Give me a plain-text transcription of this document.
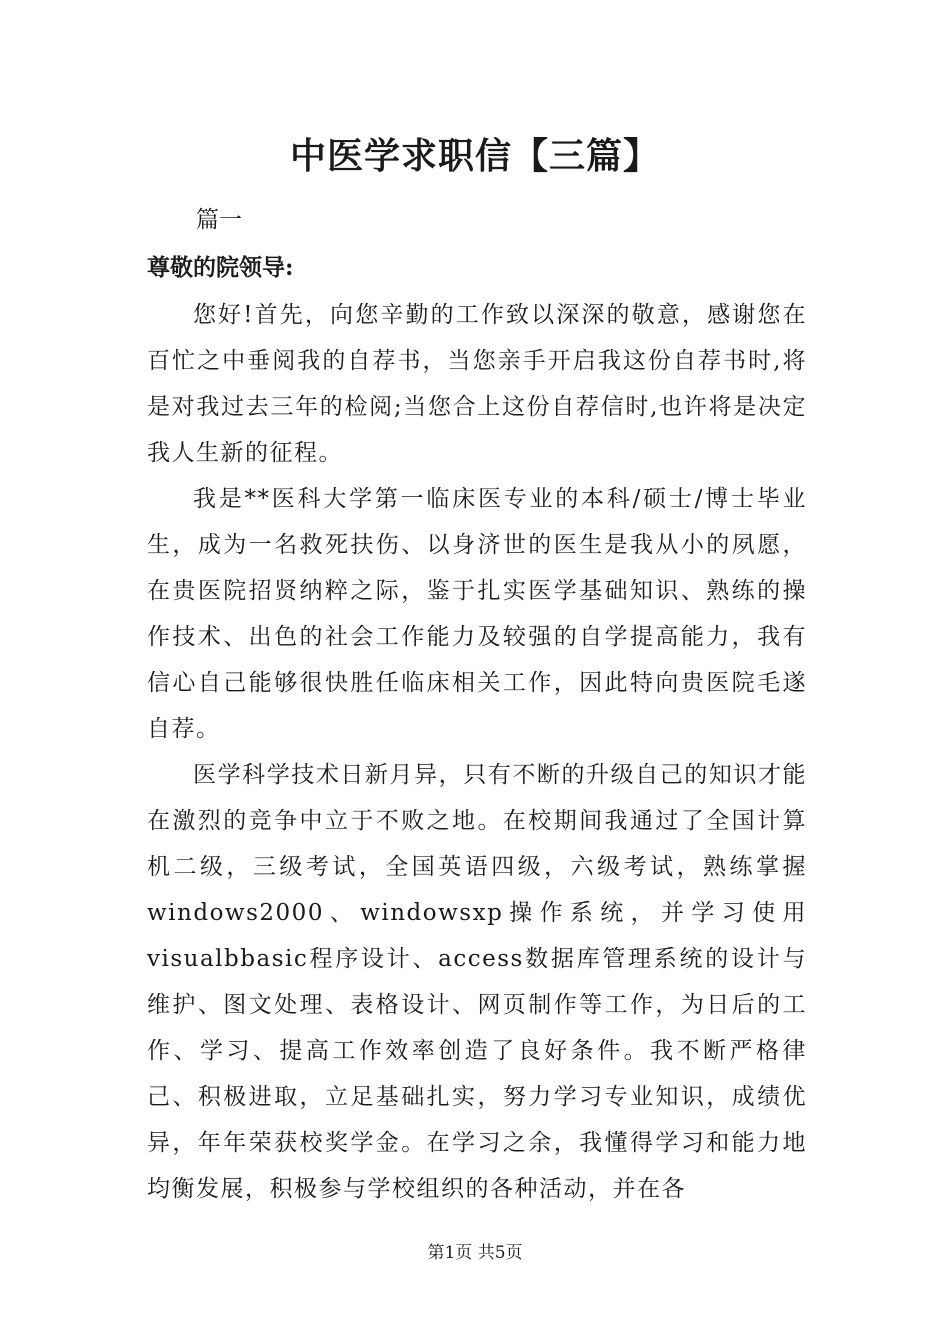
中医学求职信【三篇】
篇一
尊敬的院领导:

您好!首先，向您辛勤的工作致以深深的敬意，感谢您在百忙之中垂阅我的自荐书，当您亲手开启我这份自荐书时,将是对我过去三年的检阅;当您合上这份自荐信时,也许将是决定我人生新的征程。

我是**医科大学第一临床医专业的本科/硕士/博士毕业生，成为一名救死扶伤、以身济世的医生是我从小的夙愿，在贵医院招贤纳粹之际，鉴于扎实医学基础知识、熟练的操作技术、出色的社会工作能力及较强的自学提高能力，我有信心自己能够很快胜任临床相关工作，因此特向贵医院毛遂自荐。

医学科学技术日新月异，只有不断的升级自己的知识才能在激烈的竞争中立于不败之地。在校期间我通过了全国计算机二级，三级考试，全国英语四级，六级考试，熟练掌握windows2000、windowsxp操作系统，并学习使用visualbbasic程序设计、access数据库管理系统的设计与维护、图文处理、表格设计、网页制作等工作，为日后的工作、学习、提高工作效率创造了良好条件。我不断严格律己、积极进取，立足基础扎实，努力学习专业知识，成绩优异，年年荣获校奖学金。在学习之余，我懂得学习和能力地均衡发展，积极参与学校组织的各种活动，并在各

第1页 共5页
